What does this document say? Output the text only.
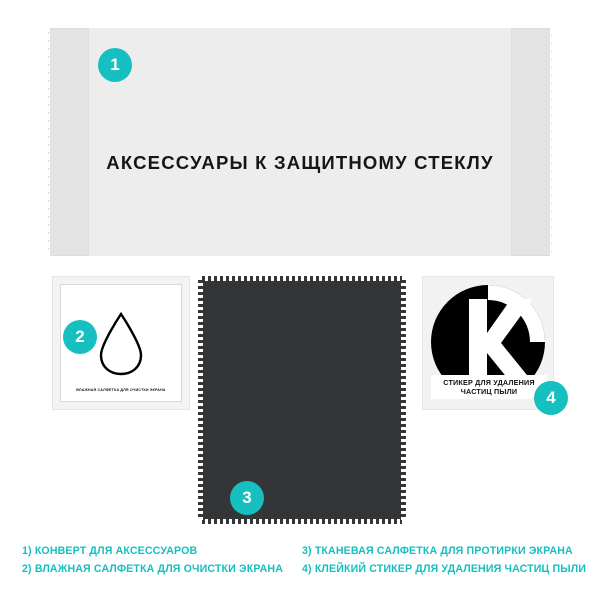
АКСЕССУАРЫ К ЗАЩИТНОМУ СТЕКЛУ
1
ВЛАЖНАЯ САЛФЕТКА ДЛЯ ОЧИСТКИ ЭКРАНА
2
3
СТИКЕР ДЛЯ УДАЛЕНИЯ
ЧАСТИЦ ПЫЛИ	4
1) КОНВЕРТ ДЛЯ АКСЕССУАРОВ
2) ВЛАЖНАЯ САЛФЕТКА ДЛЯ ОЧИСТКИ ЭКРАНА
3) ТКАНЕВАЯ САЛФЕТКА ДЛЯ ПРОТИРКИ ЭКРАНА
4) КЛЕЙКИЙ СТИКЕР ДЛЯ УДАЛЕНИЯ ЧАСТИЦ ПЫЛИ
